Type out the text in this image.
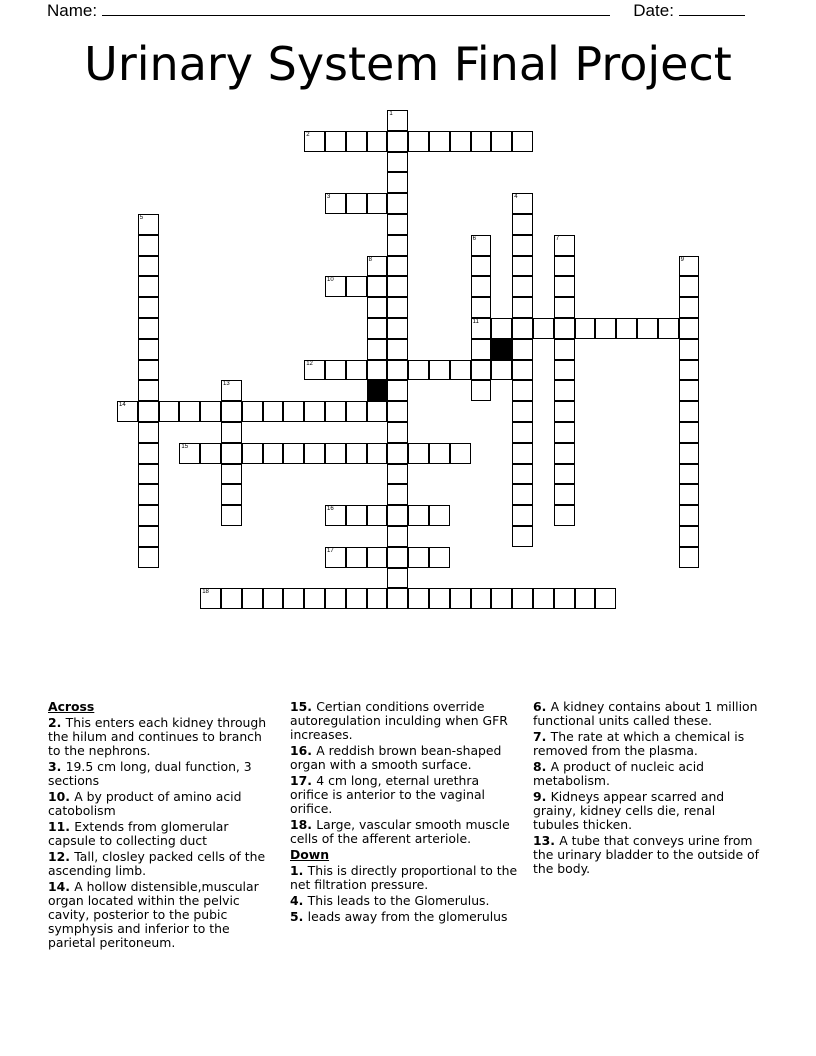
Name:	Date:
Urinary System Final Project
1
2
3	4
5
6
11
7
8	9
10
12
13
14
15
16
17
18
Across
2. This enters each kidney through the hilum and continues to branch to the nephrons.
3. 19.5 cm long, dual function, 3 sections
10. A by product of amino acid catobolism
11. Extends from glomerular capsule to collecting duct
12. Tall, closley packed cells of the ascending limb.
14. A hollow distensible,muscular organ located within the pelvic cavity, posterior to the pubic symphysis and inferior to the parietal peritoneum.
15. Certian conditions override autoregulation inculding when GFR increases.
16. A reddish brown bean-shaped organ with a smooth surface.
17. 4 cm long, eternal urethra orifice is anterior to the vaginal orifice.
18. Large, vascular smooth muscle cells of the afferent arteriole.
Down
1. This is directly proportional to the net filtration pressure.
4. This leads to the Glomerulus.
5. leads away from the glomerulus
6. A kidney contains about 1 million functional units called these.
7. The rate at which a chemical is removed from the plasma.
8. A product of nucleic acid metabolism.
9. Kidneys appear scarred and grainy, kidney cells die, renal tubules thicken.
13. A tube that conveys urine from the urinary bladder to the outside of the body.
